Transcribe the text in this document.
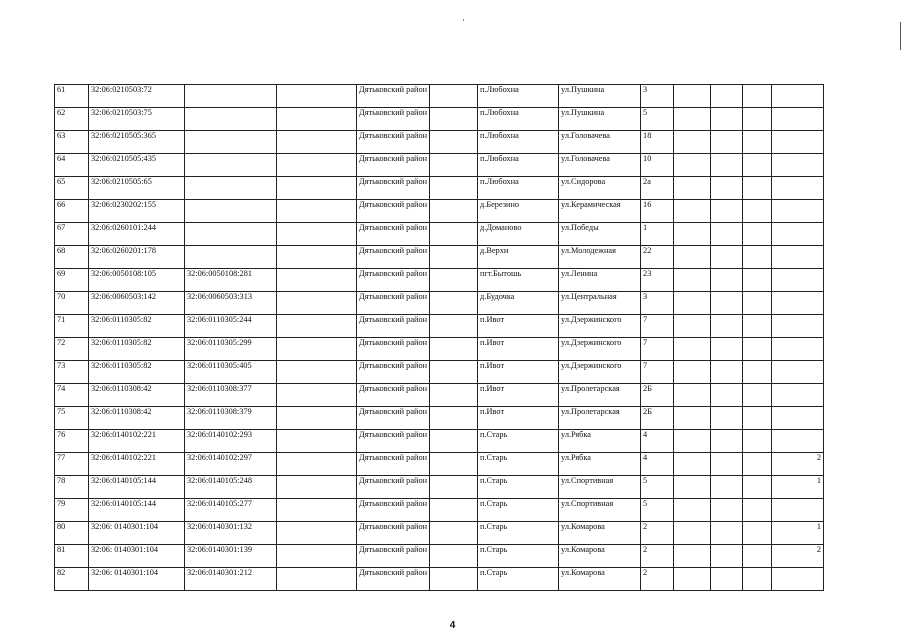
61	32:06:0210503:72			Дятьковский район		п.Любохна	ул.Пушкина	3				
62	32:06:0210503:75			Дятьковский район		п.Любохна	ул.Пушкина	5				
63	32:06:0210505:365			Дятьковский район		п.Любохна	ул.Головачева	18				
64	32:06:0210505:435			Дятьковский район		п.Любохна	ул.Головачева	10				
65	32:06:0210505:65			Дятьковский район		п.Любохна	ул.Сидорова	2а				
66	32:06:0230202:155			Дятьковский район		д.Березино	ул.Керамическая	16				
67	32:06:0260101:244			Дятьковский район		д.Доманово	ул.Победы	1				
68	32:06:0260201:178			Дятьковский район		д.Верхи	ул.Молодежная	22				
69	32:06:0050108:105	32:06:0050108:281		Дятьковский район		пгт.Бытошь	ул.Ленина	23				
70	32:06:0060503:142	32:06:0060503:313		Дятьковский район		д.Будочка	ул.Центральная	3				
71	32:06:0110305:82	32:06:0110305:244		Дятьковский район		п.Ивот	ул.Дзержинского	7				
72	32:06:0110305:82	32:06:0110305:299		Дятьковский район		п.Ивот	ул.Дзержинского	7				
73	32:06:0110305:82	32:06:0110305:405		Дятьковский район		п.Ивот	ул.Дзержинского	7				
74	32:06:0110308:42	32:06:0110308:377		Дятьковский район		п.Ивот	ул.Пролетарская	2Б				
75	32:06:0110308:42	32:06:0110308:379		Дятьковский район		п.Ивот	ул.Пролетарская	2Б				
76	32:06:0140102:221	32:06:0140102:293		Дятьковский район		п.Старь	ул.Рябка	4				
77	32:06:0140102:221	32:06:0140102:297		Дятьковский район		п.Старь	ул.Рябка	4				2
78	32:06:0140105:144	32:06:0140105:248		Дятьковский район		п.Старь	ул.Спортивная	5				1
79	32:06:0140105:144	32:06:0140105:277		Дятьковский район		п.Старь	ул.Спортивная	5				
80	32:06: 0140301:104	32:06:0140301:132		Дятьковский район		п.Старь	ул.Комарова	2				1
81	32:06: 0140301:104	32:06:0140301:139		Дятьковский район		п.Старь	ул.Комарова	2				2
82	32:06: 0140301:104	32:06:0140301:212		Дятьковский район		п.Старь	ул.Комарова	2				
4
